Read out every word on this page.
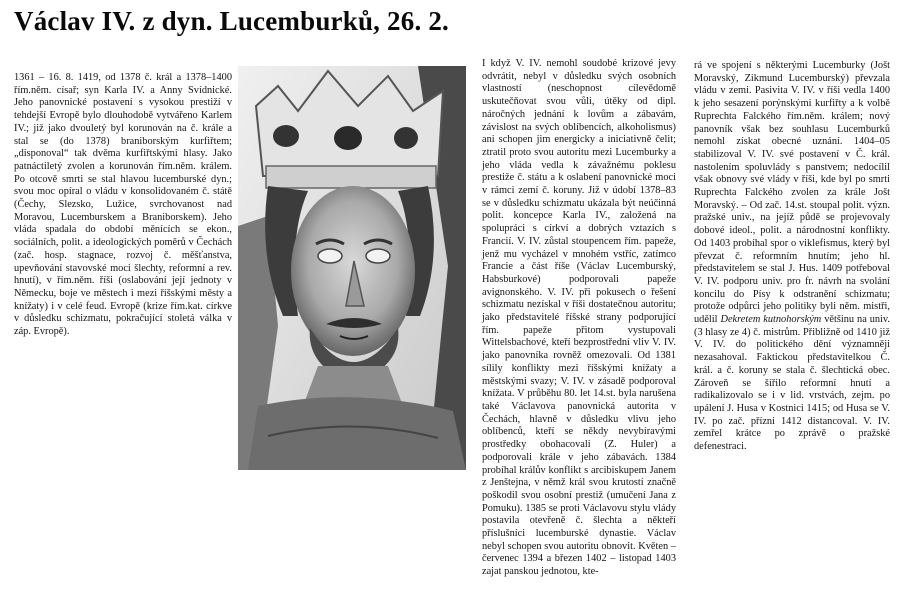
Václav IV. z dyn. Lucemburků, 26. 2.

1361 – 16. 8. 1419, od 1378 č. král a 1378–1400 řím.něm. císař; syn Karla IV. a Anny Svídnické. Jeho panovnické postavení s vysokou prestiží v tehdejší Evropě bylo dlouhodobě vytvářeno Karlem IV.; již jako dvouletý byl korunován na č. krále a stal se (do 1378) braniborským kurfiřtem; „disponoval“ tak dvěma kurfiřtskými hlasy. Jako patnáctiletý zvolen a korunován řím.něm. králem. Po otcově smrti se stal hlavou lucemburské dyn.; svou moc opíral o vládu v konsolidovaném č. státě (Čechy, Slezsko, Lužice, svrchovanost nad Moravou, Lucemburskem a Braniborskem). Jeho vláda spadala do období měnících se ekon., sociálních, polit. a ideologických poměrů v Čechách (zač. hosp. stagnace, rozvoj č. měšťanstva, upevňování stavovské moci šlechty, reformní a rev. hnutí), v řím.něm. říši (oslabování její jednoty v Německu, boje ve městech i mezi říšskými městy a knížaty) i v celé feud. Evropě (krize řím.kat. církve v důsledku schizmatu, pokračující stoletá válka v záp. Evropě).

I když V. IV. nemohl soudobé krizové jevy odvrátit, nebyl v důsledku svých osobních vlastností (neschopnost cílevědomě uskutečňovat svou vůli, útěky od dipl. náročných jednání k lovům a zábavám, závislost na svých oblíbencích, alkoholismus) ani schopen jim energicky a iniciativně čelit; ztratil proto svou autoritu mezi Lucemburky a jeho vláda vedla k závažnému poklesu prestiže č. státu a k oslabení panovnické moci v rámci zemí č. koruny. Již v údobí 1378–83 se v důsledku schizmatu ukázala být neúčinná polit. koncepce Karla IV., založená na spolupráci s církví a dobrých vztazích s Francií. V. IV. zůstal stoupencem řím. papeže, jenž mu vycházel v mnohém vstříc, zatímco Francie a část říše (Václav Lucemburský, Habsburkové) podporovali papeže avignonského. V. IV. při pokusech o řešení schizmatu nezískal v říši dostatečnou autoritu; jako představitelé říšské strany podporující řím. papeže přitom vystupovali Wittelsbachové, kteří bezprostřední vliv V. IV. jako panovníka rovněž omezovali. Od 1381 sílily konflikty mezi říšskými knížaty a městskými svazy; V. IV. v zásadě podporoval knížata. V průběhu 80. let 14.st. byla narušena také Václavova panovnická autorita v Čechách, hlavně v důsledku vlivu jeho oblíbenců, kteří se někdy nevybíravými prostředky obohacovali (Z. Huler) a podporovali krále v jeho zábavách. 1384 probíhal králův konflikt s arcibiskupem Janem z Jenštejna, v němž král svou krutostí značně poškodil svou osobní prestiž (umučení Jana z Pomuku). 1385 se proti Václavovu stylu vlády postavila otevřeně č. šlechta a někteří příslušníci lucemburské dynastie. Václav nebyl schopen svou autoritu obnovit. Květen – červenec 1394 a březen 1402 – listopad 1403 zajat panskou jednotou, kte-

rá ve spojení s některými Lucemburky (Jošt Moravský, Zikmund Lucemburský) převzala vládu v zemi. Pasivita V. IV. v říši vedla 1400 k jeho sesazení porýnskými kurfiřty a k volbě Ruprechta Falckého řím.něm. králem; nový panovník však bez souhlasu Lucemburků nemohl získat obecné uznání. 1404–05 stabilizoval V. IV. své postavení v Č. král. nastolením spoluvlády s panstvem; nedocílil však obnovy své vlády v říši, kde byl po smrti Ruprechta Falckého zvolen za krále Jošt Moravský. – Od zač. 14.st. stoupal polit. význ. pražské univ., na jejíž půdě se projevovaly dobové ideol., polit. a národnostní konflikty. Od 1403 probíhal spor o viklefismus, který byl převzat č. reformním hnutím; jeho hl. představitelem se stal J. Hus. 1409 potřeboval V. IV. podporu univ. pro fr. návrh na svolání koncilu do Písy k odstranění schizmatu; protože odpůrci jeho politiky byli něm. mistři, udělil Dekretem kutnohorským většinu na univ. (3 hlasy ze 4) č. mistrům. Přibližně od 1410 již V. IV. do politického dění významněji nezasahoval. Faktickou představitelkou Č. král. a č. koruny se stala č. šlechtická obec. Zároveň se šířilo reformní hnutí a radikalizovalo se i v lid. vrstvách, zejm. po upálení J. Husa v Kostnici 1415; od Husa se V. IV. po zač. přízni 1412 distancoval. V. IV. zemřel krátce po zprávě o pražské defenestraci.
